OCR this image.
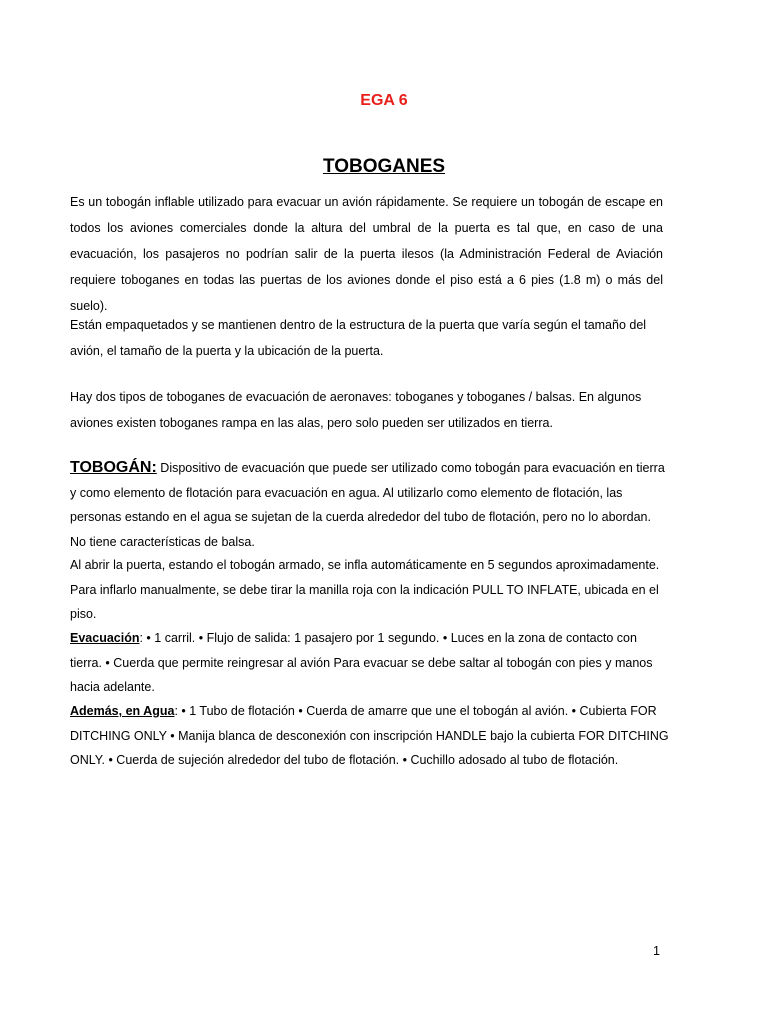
EGA 6
TOBOGANES

Es un tobogán inflable utilizado para evacuar un avión rápidamente. Se requiere un tobogán de escape en todos los aviones comerciales donde la altura del umbral de la puerta es tal que, en caso de una evacuación, los pasajeros no podrían salir de la puerta ilesos (la Administración Federal de Aviación requiere toboganes en todas las puertas de los aviones donde el piso está a 6 pies (1.8 m) o más del suelo).

Están empaquetados y se mantienen dentro de la estructura de la puerta que varía según el tamaño del avión, el tamaño de la puerta y la ubicación de la puerta.

Hay dos tipos de toboganes de evacuación de aeronaves: toboganes y toboganes / balsas. En algunos aviones existen toboganes rampa en las alas, pero solo pueden ser utilizados en tierra.

TOBOGÁN: Dispositivo de evacuación que puede ser utilizado como tobogán para evacuación en tierra y como elemento de flotación para evacuación en agua. Al utilizarlo como elemento de flotación, las personas estando en el agua se sujetan de la cuerda alrededor del tubo de flotación, pero no lo abordan. No tiene características de balsa.

Al abrir la puerta, estando el tobogán armado, se infla automáticamente en 5 segundos aproximadamente. Para inflarlo manualmente, se debe tirar la manilla roja con la indicación PULL TO INFLATE, ubicada en el piso.

Evacuación: • 1 carril. • Flujo de salida: 1 pasajero por 1 segundo. • Luces en la zona de contacto con tierra. • Cuerda que permite reingresar al avión Para evacuar se debe saltar al tobogán con pies y manos hacia adelante.

Además, en Agua: • 1 Tubo de flotación • Cuerda de amarre que une el tobogán al avión. • Cubierta FOR DITCHING ONLY • Manija blanca de desconexión con inscripción HANDLE bajo la cubierta FOR DITCHING ONLY. • Cuerda de sujeción alrededor del tubo de flotación. • Cuchillo adosado al tubo de flotación.

1
